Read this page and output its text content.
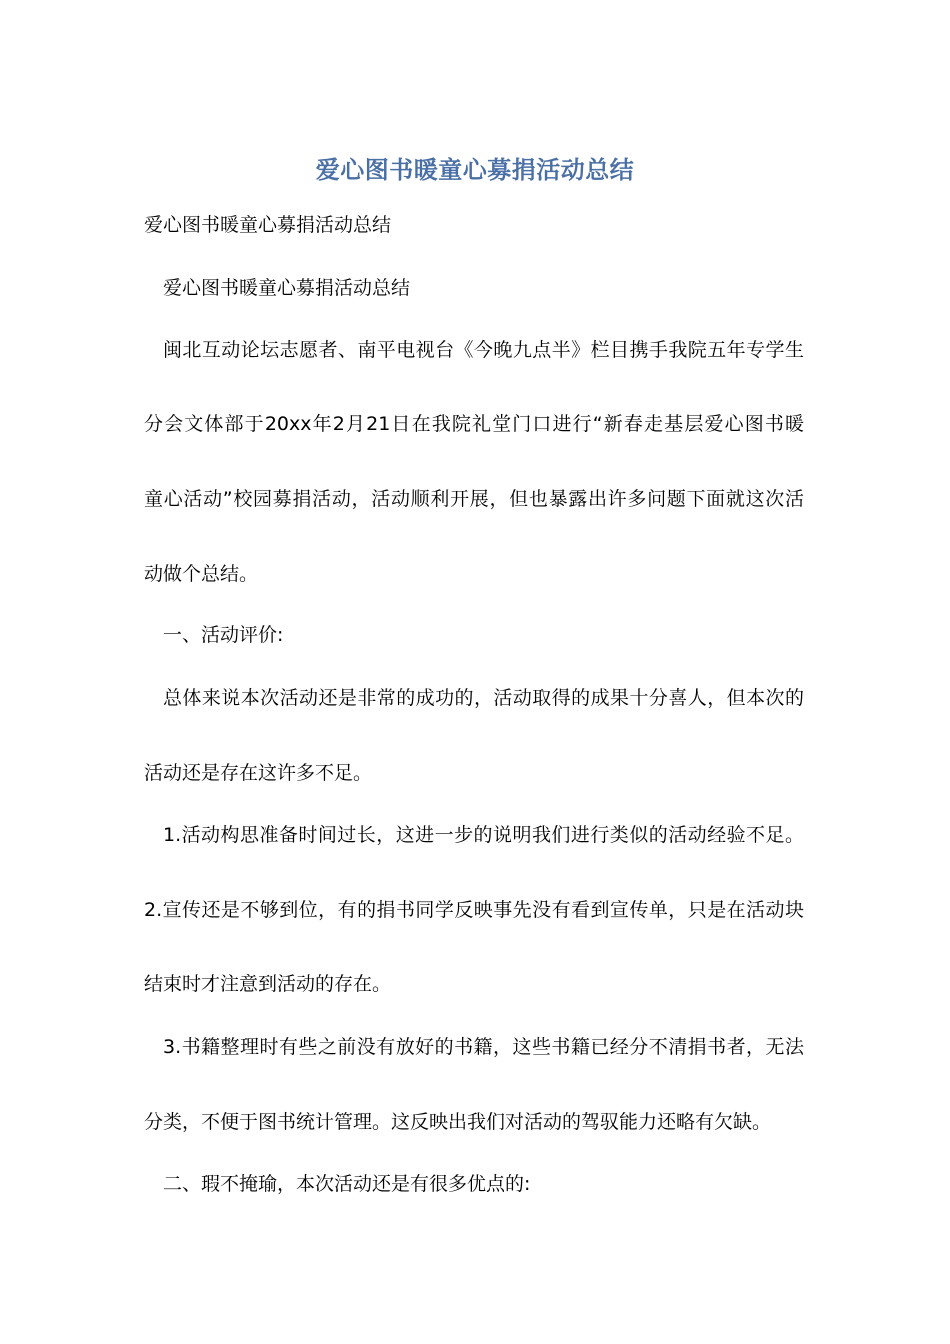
爱心图书暖童心募捐活动总结
爱心图书暖童心募捐活动总结
爱心图书暖童心募捐活动总结
闽北互动论坛志愿者、南平电视台《今晚九点半》栏目携手我院五年专学生
分会文体部于20xx年2月21日在我院礼堂门口进行“新春走基层爱心图书暖
童心活动”校园募捐活动，活动顺利开展，但也暴露出许多问题下面就这次活
动做个总结。
一、活动评价:
总体来说本次活动还是非常的成功的，活动取得的成果十分喜人，但本次的
活动还是存在这许多不足。
1.活动构思准备时间过长，这进一步的说明我们进行类似的活动经验不足。
2.宣传还是不够到位，有的捐书同学反映事先没有看到宣传单，只是在活动块
结束时才注意到活动的存在。
3.书籍整理时有些之前没有放好的书籍，这些书籍已经分不清捐书者，无法
分类，不便于图书统计管理。这反映出我们对活动的驾驭能力还略有欠缺。
二、瑕不掩瑜，本次活动还是有很多优点的:
